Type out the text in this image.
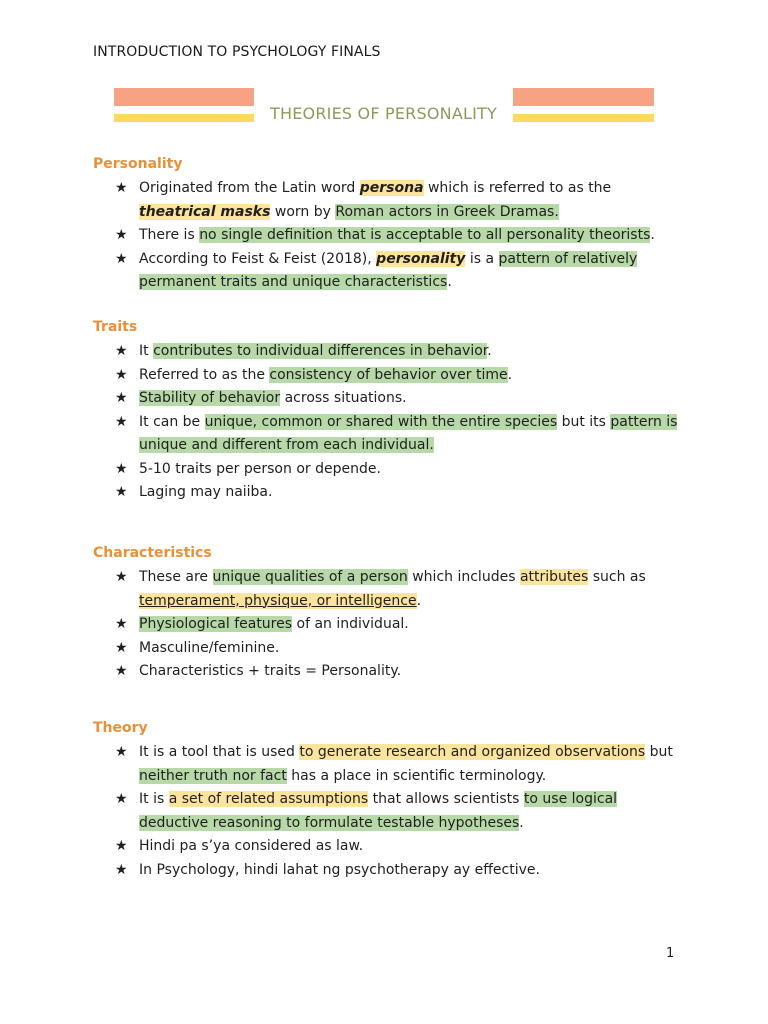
INTRODUCTION TO PSYCHOLOGY FINALS
THEORIES OF PERSONALITY
Personality
★ Originated from the Latin word persona which is referred to as the theatrical masks worn by Roman actors in Greek Dramas.
★ There is no single definition that is acceptable to all personality theorists.
★ According to Feist & Feist (2018), personality is a pattern of relatively permanent traits and unique characteristics.
Traits
★ It contributes to individual differences in behavior.
★ Referred to as the consistency of behavior over time.
★ Stability of behavior across situations.
★ It can be unique, common or shared with the entire species but its pattern is unique and different from each individual.
★ 5-10 traits per person or depende.
★ Laging may naiiba.
Characteristics
★ These are unique qualities of a person which includes attributes such as temperament, physique, or intelligence.
★ Physiological features of an individual.
★ Masculine/feminine.
★ Characteristics + traits = Personality.
Theory
★ It is a tool that is used to generate research and organized observations but neither truth nor fact has a place in scientific terminology.
★ It is a set of related assumptions that allows scientists to use logical deductive reasoning to formulate testable hypotheses.
★ Hindi pa s’ya considered as law.
★ In Psychology, hindi lahat ng psychotherapy ay effective.
1
